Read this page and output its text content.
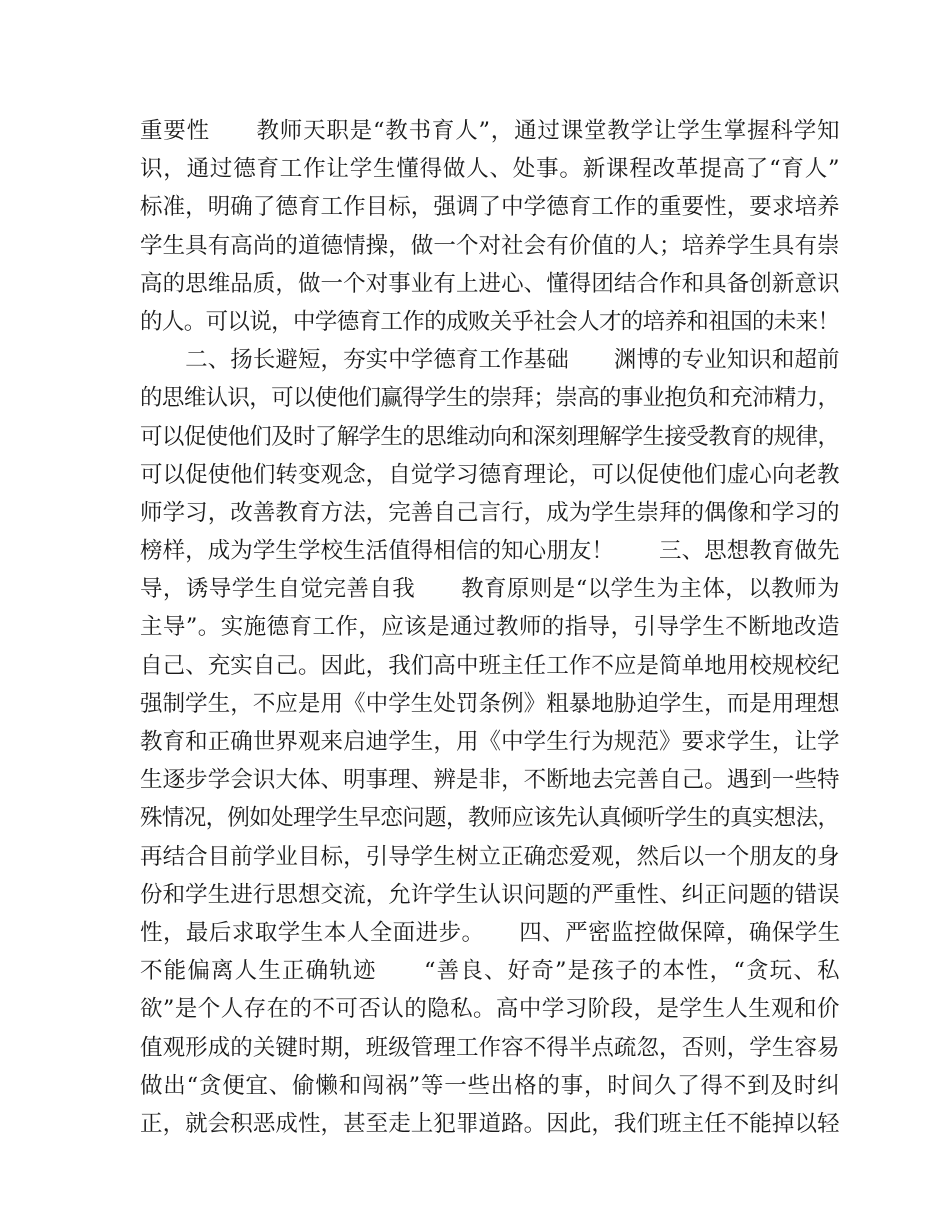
重要性　　教师天职是“教书育人”，通过课堂教学让学生掌握科学知
识，通过德育工作让学生懂得做人、处事。新课程改革提高了“育人”
标准，明确了德育工作目标，强调了中学德育工作的重要性，要求培养
学生具有高尚的道德情操，做一个对社会有价值的人；培养学生具有崇
高的思维品质，做一个对事业有上进心、懂得团结合作和具备创新意识
的人。可以说，中学德育工作的成败关乎社会人才的培养和祖国的未来！
　　二、扬长避短，夯实中学德育工作基础　　渊博的专业知识和超前
的思维认识，可以使他们赢得学生的崇拜；崇高的事业抱负和充沛精力，
可以促使他们及时了解学生的思维动向和深刻理解学生接受教育的规律，
可以促使他们转变观念，自觉学习德育理论，可以促使他们虚心向老教
师学习，改善教育方法，完善自己言行，成为学生崇拜的偶像和学习的
榜样，成为学生学校生活值得相信的知心朋友！　　三、思想教育做先
导，诱导学生自觉完善自我　　教育原则是“以学生为主体，以教师为
主导”。实施德育工作，应该是通过教师的指导，引导学生不断地改造
自己、充实自己。因此，我们高中班主任工作不应是简单地用校规校纪
强制学生，不应是用《中学生处罚条例》粗暴地胁迫学生，而是用理想
教育和正确世界观来启迪学生，用《中学生行为规范》要求学生，让学
生逐步学会识大体、明事理、辨是非，不断地去完善自己。遇到一些特
殊情况，例如处理学生早恋问题，教师应该先认真倾听学生的真实想法，
再结合目前学业目标，引导学生树立正确恋爱观，然后以一个朋友的身
份和学生进行思想交流，允许学生认识问题的严重性、纠正问题的错误
性，最后求取学生本人全面进步。　　四、严密监控做保障，确保学生
不能偏离人生正确轨迹　　“善良、好奇”是孩子的本性，“贪玩、私
欲”是个人存在的不可否认的隐私。高中学习阶段，是学生人生观和价
值观形成的关键时期，班级管理工作容不得半点疏忽，否则，学生容易
做出“贪便宜、偷懒和闯祸”等一些出格的事，时间久了得不到及时纠
正，就会积恶成性，甚至走上犯罪道路。因此，我们班主任不能掉以轻
